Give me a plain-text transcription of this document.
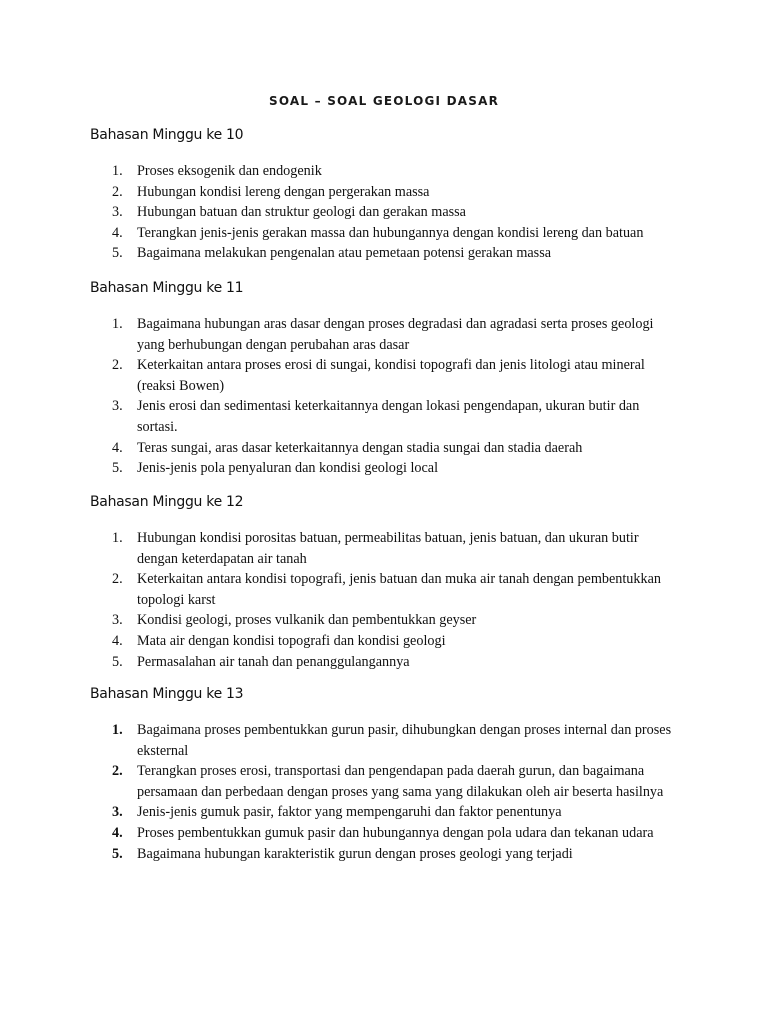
SOAL – SOAL GEOLOGI DASAR
Bahasan Minggu ke 10
1.	Proses eksogenik dan endogenik
2.	Hubungan kondisi lereng dengan pergerakan massa
3.	Hubungan batuan dan struktur geologi dan gerakan massa
4.	Terangkan jenis-jenis gerakan massa dan hubungannya dengan kondisi lereng dan batuan
5.	Bagaimana melakukan pengenalan atau pemetaan potensi gerakan massa
Bahasan Minggu ke 11
1.	Bagaimana hubungan aras dasar dengan proses degradasi dan agradasi serta proses geologi yang berhubungan dengan perubahan aras dasar
2.	Keterkaitan antara proses erosi di sungai, kondisi topografi dan jenis litologi atau mineral (reaksi Bowen)
3.	Jenis erosi dan sedimentasi keterkaitannya dengan lokasi pengendapan, ukuran butir dan sortasi.
4.	Teras sungai, aras dasar keterkaitannya dengan stadia sungai dan stadia daerah
5.	Jenis-jenis pola penyaluran dan kondisi geologi local
Bahasan Minggu ke 12
1.	Hubungan kondisi porositas batuan, permeabilitas batuan, jenis batuan, dan ukuran butir dengan keterdapatan air tanah
2.	Keterkaitan antara kondisi topografi, jenis batuan dan muka air tanah dengan pembentukkan topologi karst
3.	Kondisi geologi, proses vulkanik dan pembentukkan geyser
4.	Mata air dengan kondisi topografi dan kondisi geologi
5.	Permasalahan air tanah dan penanggulangannya
Bahasan Minggu ke 13
1.	Bagaimana proses pembentukkan gurun pasir, dihubungkan dengan proses internal dan proses eksternal
2.	Terangkan proses erosi, transportasi dan pengendapan pada daerah gurun, dan bagaimana persamaan dan perbedaan dengan proses yang sama yang dilakukan oleh air beserta hasilnya
3.	Jenis-jenis gumuk pasir, faktor yang mempengaruhi dan faktor penentunya
4.	Proses pembentukkan gumuk pasir dan hubungannya dengan pola udara dan tekanan udara
5.	Bagaimana hubungan karakteristik gurun dengan proses geologi yang terjadi
